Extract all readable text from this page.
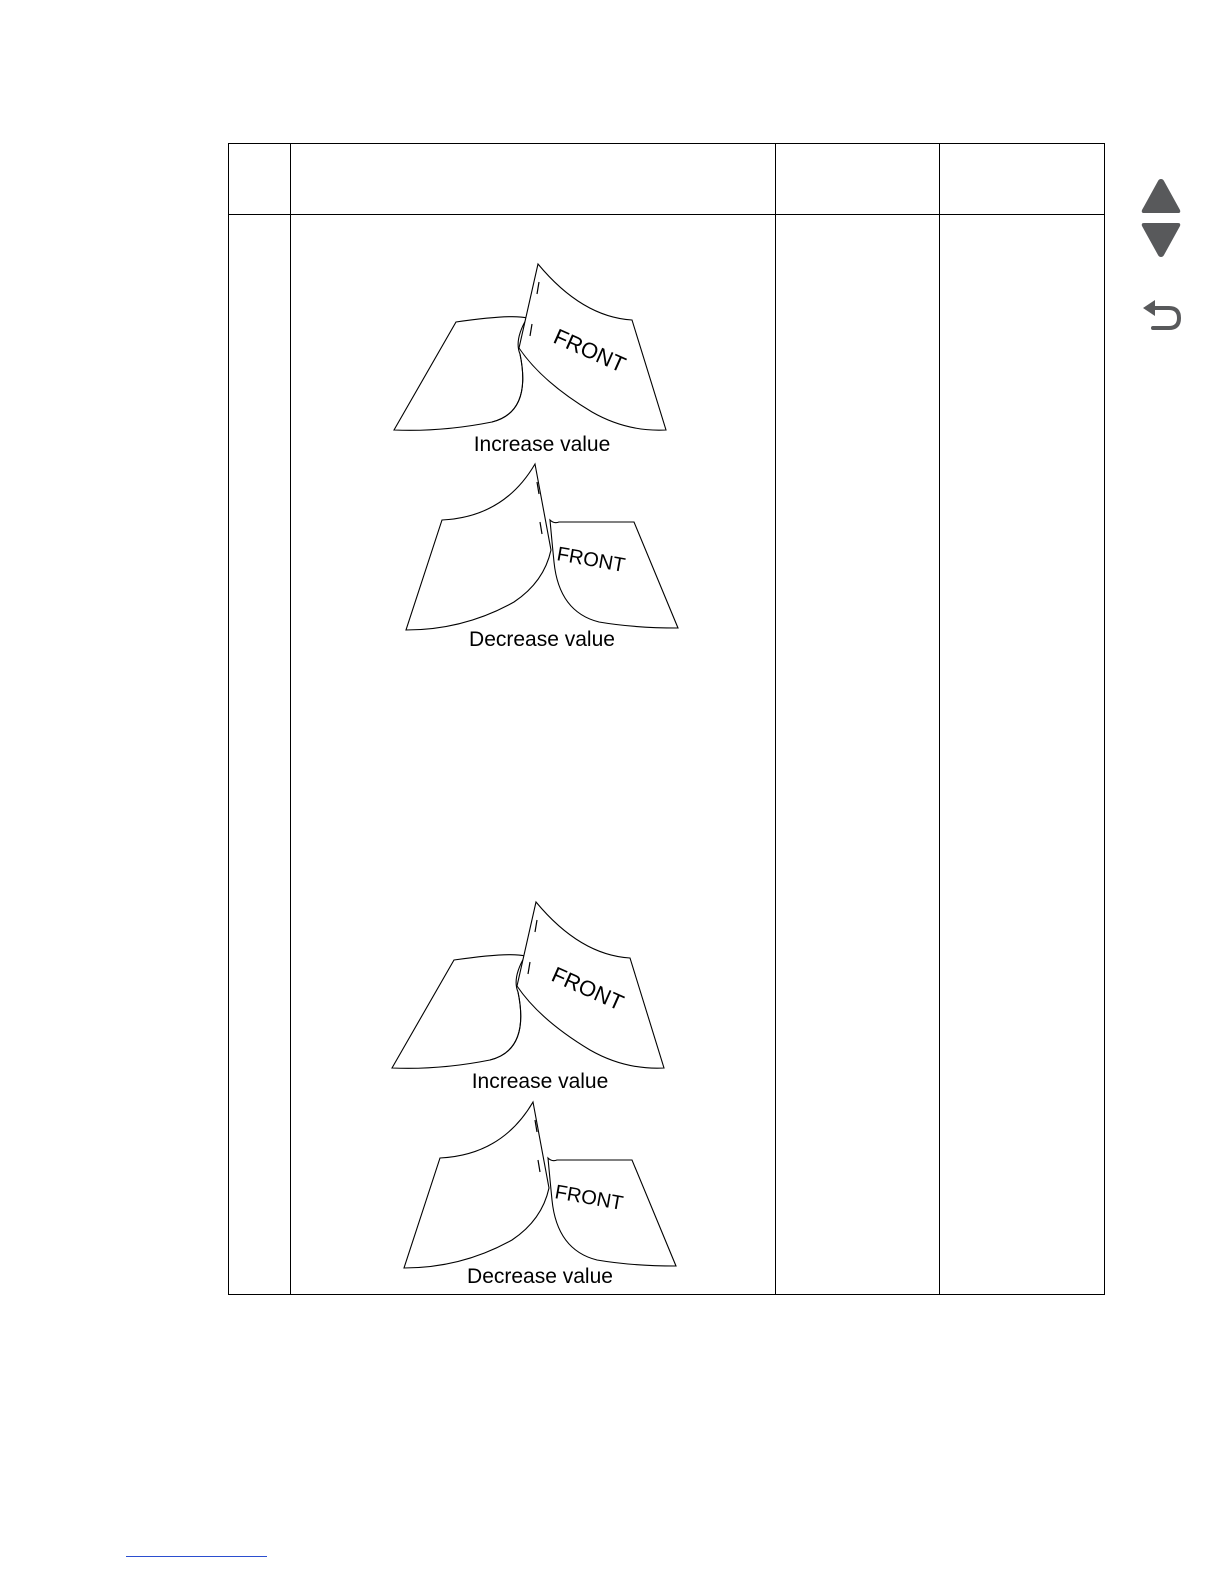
FRONT
Increase value
FRONT
Decrease value
FRONT
Increase value
FRONT
Decrease value
